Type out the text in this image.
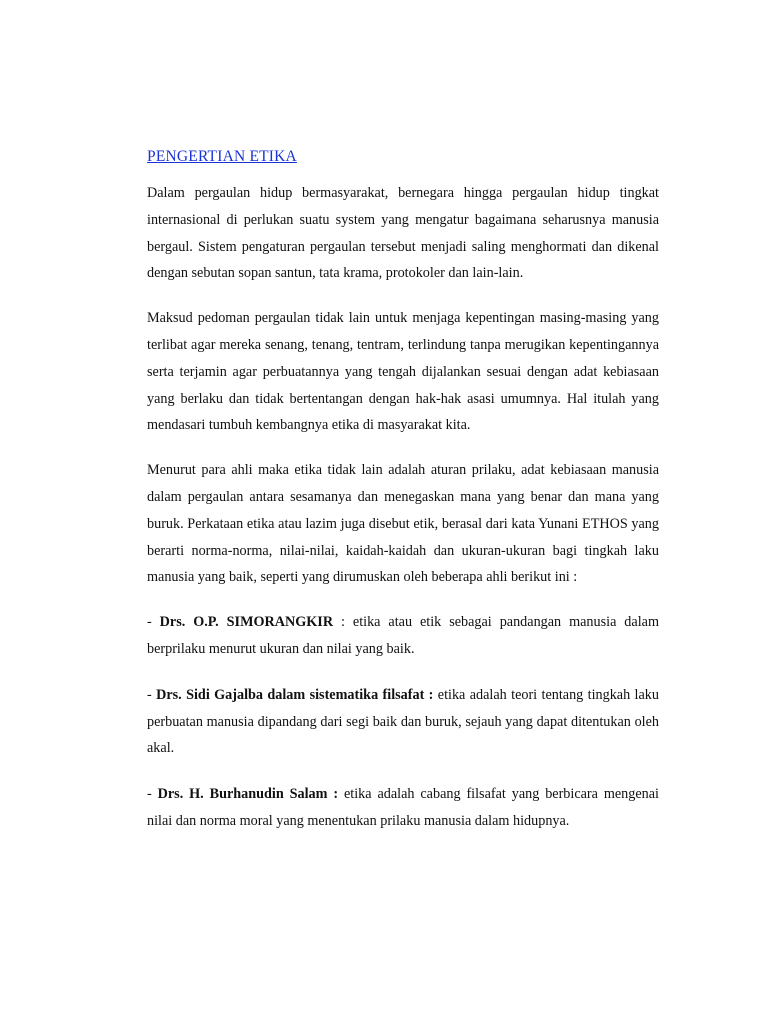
PENGERTIAN ETIKA

Dalam pergaulan hidup bermasyarakat, bernegara hingga pergaulan hidup tingkat internasional di perlukan suatu system yang mengatur bagaimana seharusnya manusia bergaul. Sistem pengaturan pergaulan tersebut menjadi saling menghormati dan dikenal dengan sebutan sopan santun, tata krama, protokoler dan lain-lain.

Maksud pedoman pergaulan tidak lain untuk menjaga kepentingan masing-masing yang terlibat agar mereka senang, tenang, tentram, terlindung tanpa merugikan kepentingannya serta terjamin agar perbuatannya yang tengah dijalankan sesuai dengan adat kebiasaan yang berlaku dan tidak bertentangan dengan hak-hak asasi umumnya. Hal itulah yang mendasari tumbuh kembangnya etika di masyarakat kita.

Menurut para ahli maka etika tidak lain adalah aturan prilaku, adat kebiasaan manusia dalam pergaulan antara sesamanya dan menegaskan mana yang benar dan mana yang buruk. Perkataan etika atau lazim juga disebut etik, berasal dari kata Yunani ETHOS yang berarti norma-norma, nilai-nilai, kaidah-kaidah dan ukuran-ukuran bagi tingkah laku manusia yang baik, seperti yang dirumuskan oleh beberapa ahli berikut ini :

- Drs. O.P. SIMORANGKIR : etika atau etik sebagai pandangan manusia dalam berprilaku menurut ukuran dan nilai yang baik.

- Drs. Sidi Gajalba dalam sistematika filsafat : etika adalah teori tentang tingkah laku perbuatan manusia dipandang dari segi baik dan buruk, sejauh yang dapat ditentukan oleh akal.

- Drs. H. Burhanudin Salam : etika adalah cabang filsafat yang berbicara mengenai nilai dan norma moral yang menentukan prilaku manusia dalam hidupnya.
